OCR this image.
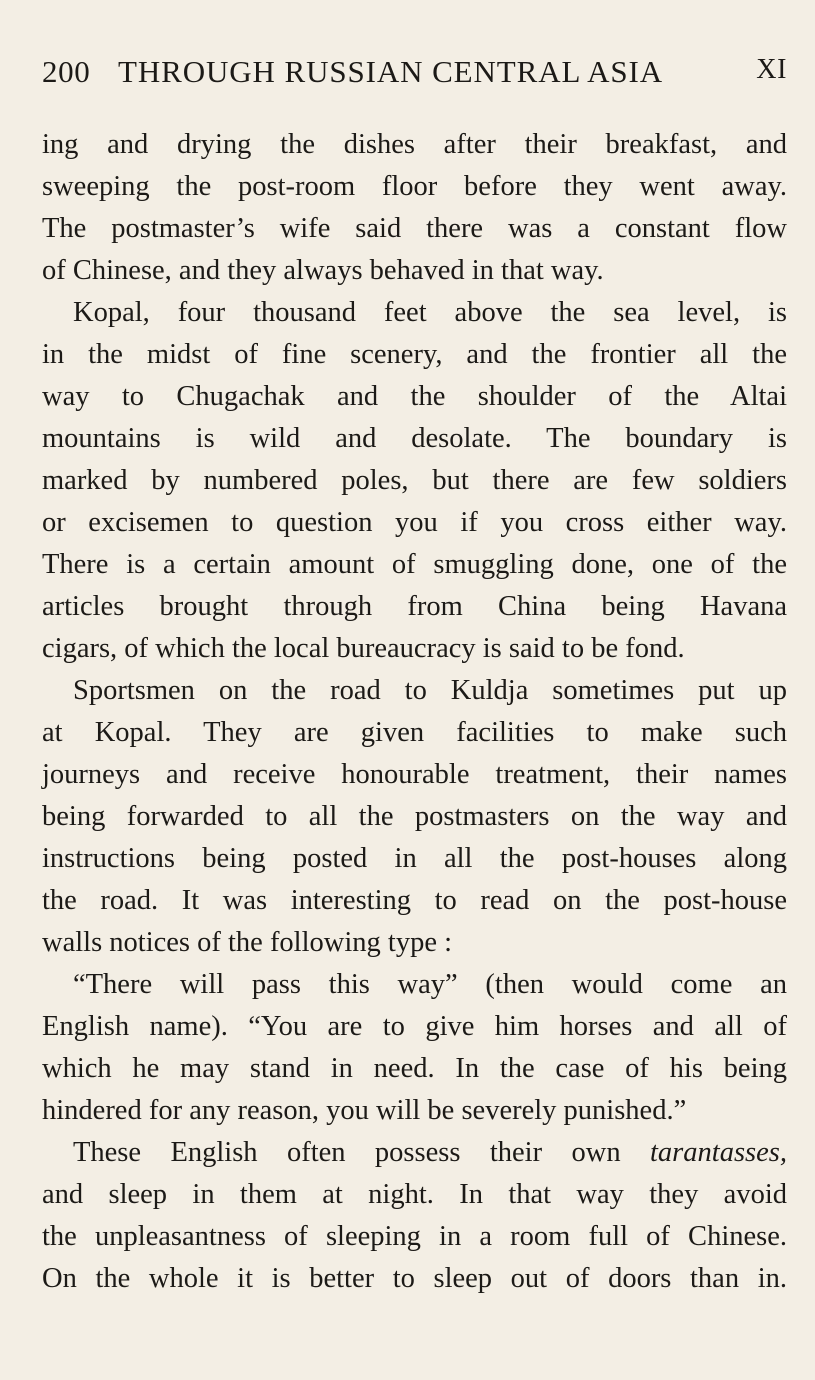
200 THROUGH RUSSIAN CENTRAL ASIA	XI
ing and drying the dishes after their breakfast, and
sweeping the post-room floor before they went away.
The postmaster’s wife said there was a constant flow
of Chinese, and they always behaved in that way.
Kopal, four thousand feet above the sea level, is
in the midst of fine scenery, and the frontier all the
way to Chugachak and the shoulder of the Altai
mountains is wild and desolate. The boundary is
marked by numbered poles, but there are few soldiers
or excisemen to question you if you cross either way.
There is a certain amount of smuggling done, one of the
articles brought through from China being Havana
cigars, of which the local bureaucracy is said to be fond.
Sportsmen on the road to Kuldja sometimes put up
at Kopal. They are given facilities to make such
journeys and receive honourable treatment, their names
being forwarded to all the postmasters on the way and
instructions being posted in all the post-houses along
the road. It was interesting to read on the post-house
walls notices of the following type :
“There will pass this way” (then would come an
English name). “You are to give him horses and all of
which he may stand in need. In the case of his being
hindered for any reason, you will be severely punished.”
These English often possess their own tarantasses,
and sleep in them at night. In that way they avoid
the unpleasantness of sleeping in a room full of Chinese.
On the whole it is better to sleep out of doors than in.
